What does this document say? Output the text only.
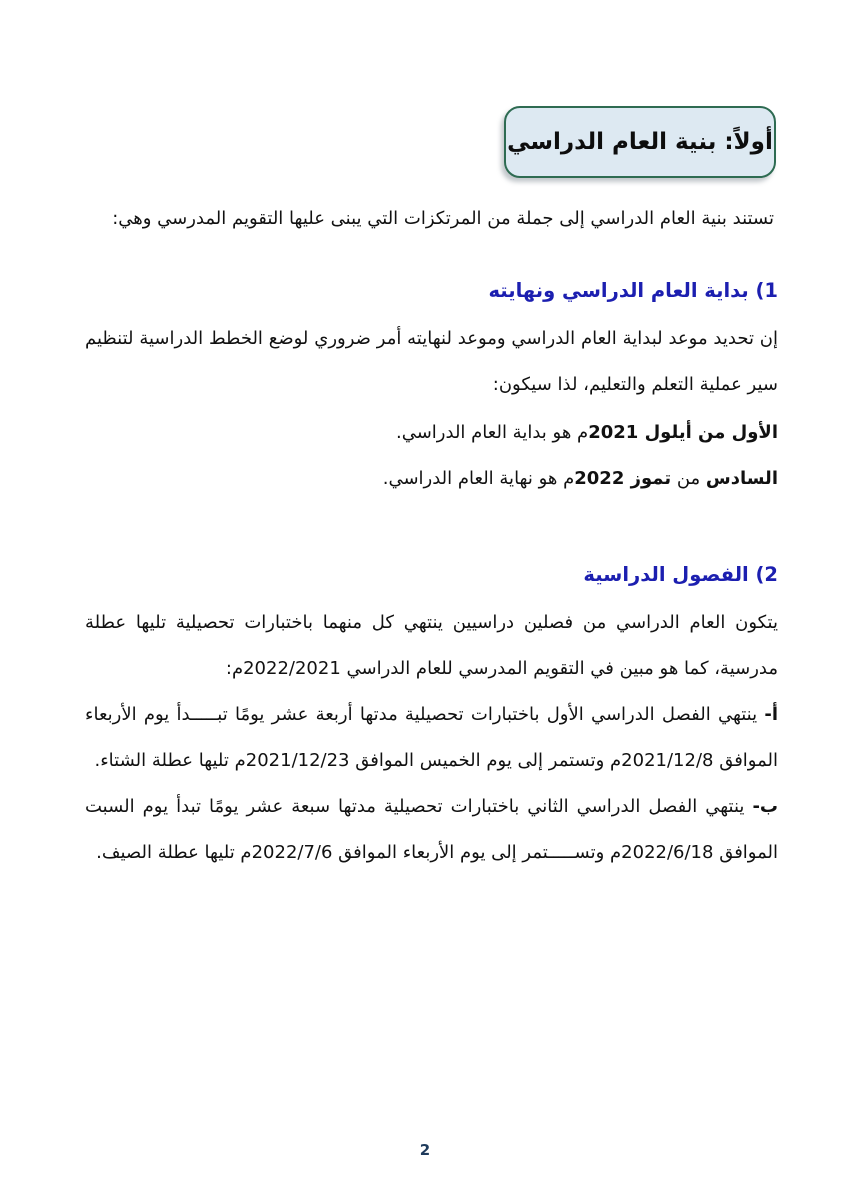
أولاً: بنية العام الدراسي

تستند بنية العام الدراسي إلى جملة من المرتكزات التي يبنى عليها التقويم المدرسي وهي:

1) بداية العام الدراسي ونهايته

إن تحديد موعد لبداية العام الدراسي وموعد لنهايته أمر ضروري لوضع الخطط الدراسية لتنظيم سير عملية التعلم والتعليم، لذا سيكون:

الأول من أيلول 2021م هو بداية العام الدراسي.

السادس من تموز 2022م هو نهاية العام الدراسي.

2) الفصول الدراسية

يتكون العام الدراسي من فصلين دراسيين ينتهي كل منهما باختبارات تحصيلية تليها عطلة مدرسية، كما هو مبين في التقويم المدرسي للعام الدراسي 2022/2021م:

أ- ينتهي الفصل الدراسي الأول باختبارات تحصيلية مدتها أربعة عشر يومًا تبـــــدأ يوم الأربعاء الموافق 2021/12/8م وتستمر إلى يوم الخميس الموافق 2021/12/23م تليها عطلة الشتاء.

ب- ينتهي الفصل الدراسي الثاني باختبارات تحصيلية مدتها سبعة عشر يومًا تبدأ يوم السبت الموافق 2022/6/18م وتســـــتمر إلى يوم الأربعاء الموافق 2022/7/6م تليها عطلة الصيف.

2
